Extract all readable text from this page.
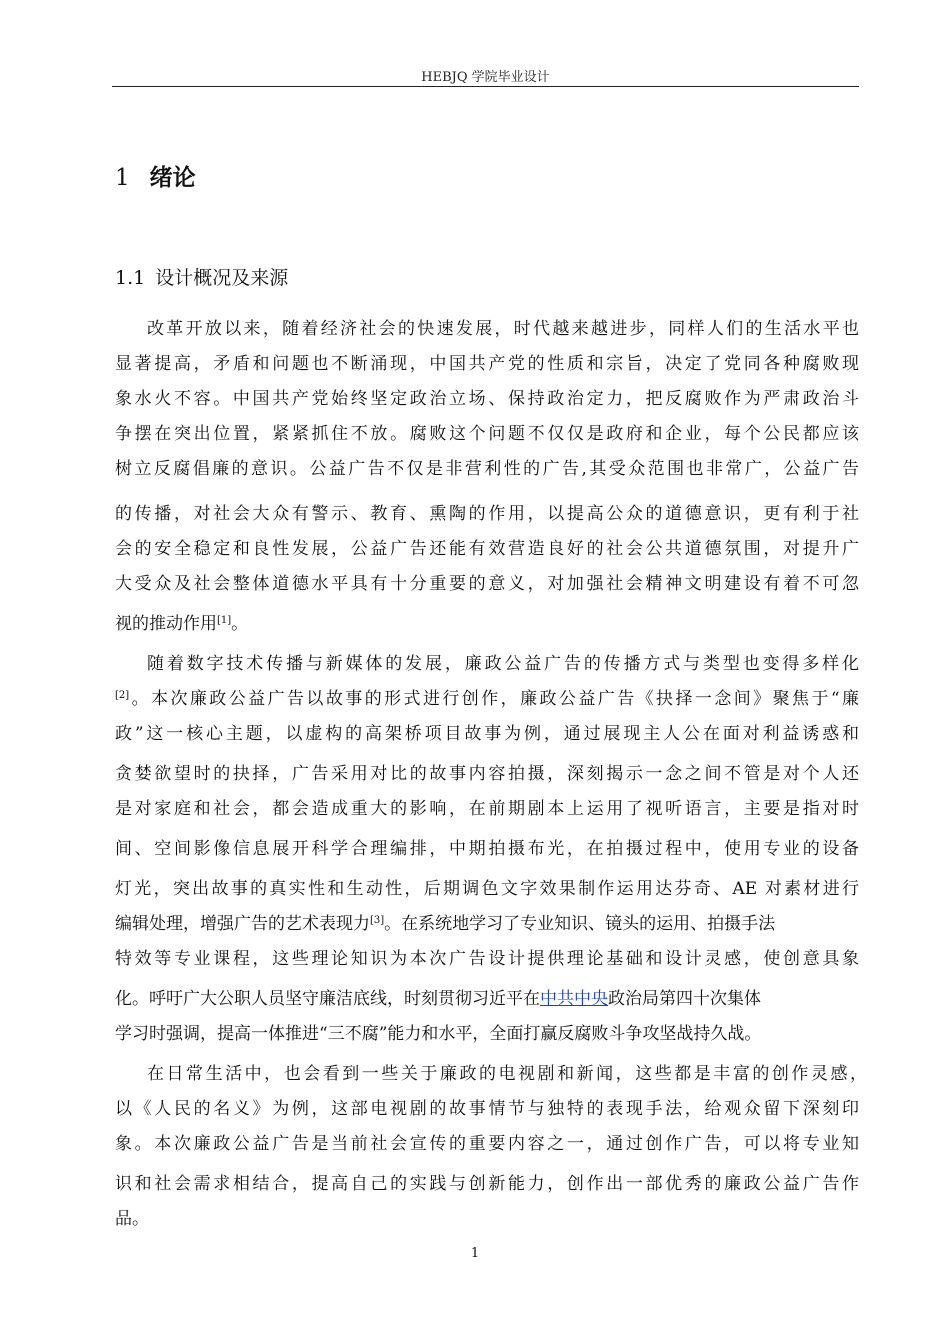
HEBJQ 学院毕业设计
1 绪论
1.1 设计概况及来源
改革开放以来，随着经济社会的快速发展，时代越来越进步，同样人们的生活水平也
显著提高，矛盾和问题也不断涌现，中国共产党的性质和宗旨，决定了党同各种腐败现
象水火不容。中国共产党始终坚定政治立场、保持政治定力，把反腐败作为严肃政治斗
争摆在突出位置，紧紧抓住不放。腐败这个问题不仅仅是政府和企业，每个公民都应该
树立反腐倡廉的意识。公益广告不仅是非营利性的广告,其受众范围也非常广，公益广告
的传播，对社会大众有警示、教育、熏陶的作用，以提高公众的道德意识，更有利于社
会的安全稳定和良性发展，公益广告还能有效营造良好的社会公共道德氛围，对提升广
大受众及社会整体道德水平具有十分重要的意义，对加强社会精神文明建设有着不可忽
视的推动作用[1]。
随着数字技术传播与新媒体的发展，廉政公益广告的传播方式与类型也变得多样化
[2]。本次廉政公益广告以故事的形式进行创作，廉政公益广告《抉择一念间》聚焦于“廉
政”这一核心主题，以虚构的高架桥项目故事为例，通过展现主人公在面对利益诱惑和
贪婪欲望时的抉择，广告采用对比的故事内容拍摄，深刻揭示一念之间不管是对个人还
是对家庭和社会，都会造成重大的影响，在前期剧本上运用了视听语言，主要是指对时
间、空间影像信息展开科学合理编排，中期拍摄布光，在拍摄过程中，使用专业的设备
灯光，突出故事的真实性和生动性，后期调色文字效果制作运用达芬奇、AE 对素材进行
编辑处理，增强广告的艺术表现力[3]。在系统地学习了专业知识、镜头的运用、拍摄手法
特效等专业课程，这些理论知识为本次广告设计提供理论基础和设计灵感，使创意具象
化。呼吁广大公职人员坚守廉洁底线，时刻贯彻习近平在中共中央政治局第四十次集体
学习时强调，提高一体推进“三不腐”能力和水平，全面打赢反腐败斗争攻坚战持久战。
在日常生活中，也会看到一些关于廉政的电视剧和新闻，这些都是丰富的创作灵感，
以《人民的名义》为例，这部电视剧的故事情节与独特的表现手法，给观众留下深刻印
象。本次廉政公益广告是当前社会宣传的重要内容之一，通过创作广告，可以将专业知
识和社会需求相结合，提高自己的实践与创新能力，创作出一部优秀的廉政公益广告作
品。
1
